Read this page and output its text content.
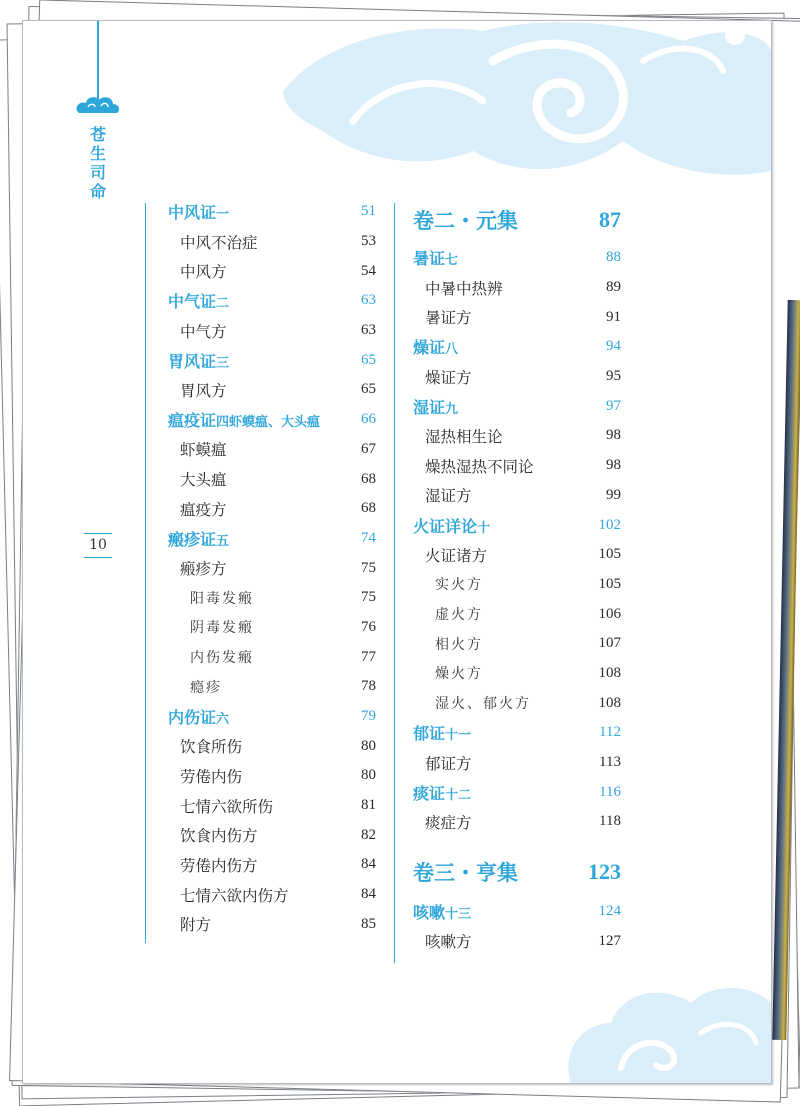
苍
生
司
命
10
中风证一	51
中风不治症	53
中风方	54
中气证二	63
中气方	63
胃风证三	65
胃风方	65
瘟疫证四虾蟆瘟、大头瘟	66
虾蟆瘟	67
大头瘟	68
瘟疫方	68
瘢疹证五	74
瘢疹方	75
阳毒发瘢	75
阴毒发瘢	76
内伤发瘢	77
瘾疹	78
内伤证六	79
饮食所伤	80
劳倦内伤	80
七情六欲所伤	81
饮食内伤方	82
劳倦内伤方	84
七情六欲内伤方	84
附方	85
卷二・元集	87
暑证七	88
中暑中热辨	89
暑证方	91
燥证八	94
燥证方	95
湿证九	97
湿热相生论	98
燥热湿热不同论	98
湿证方	99
火证详论十	102
火证诸方	105
实火方	105
虚火方	106
相火方	107
燥火方	108
湿火、郁火方	108
郁证十一	112
郁证方	113
痰证十二	116
痰症方	118
卷三・亨集	123
咳嗽十三	124
咳嗽方	127
